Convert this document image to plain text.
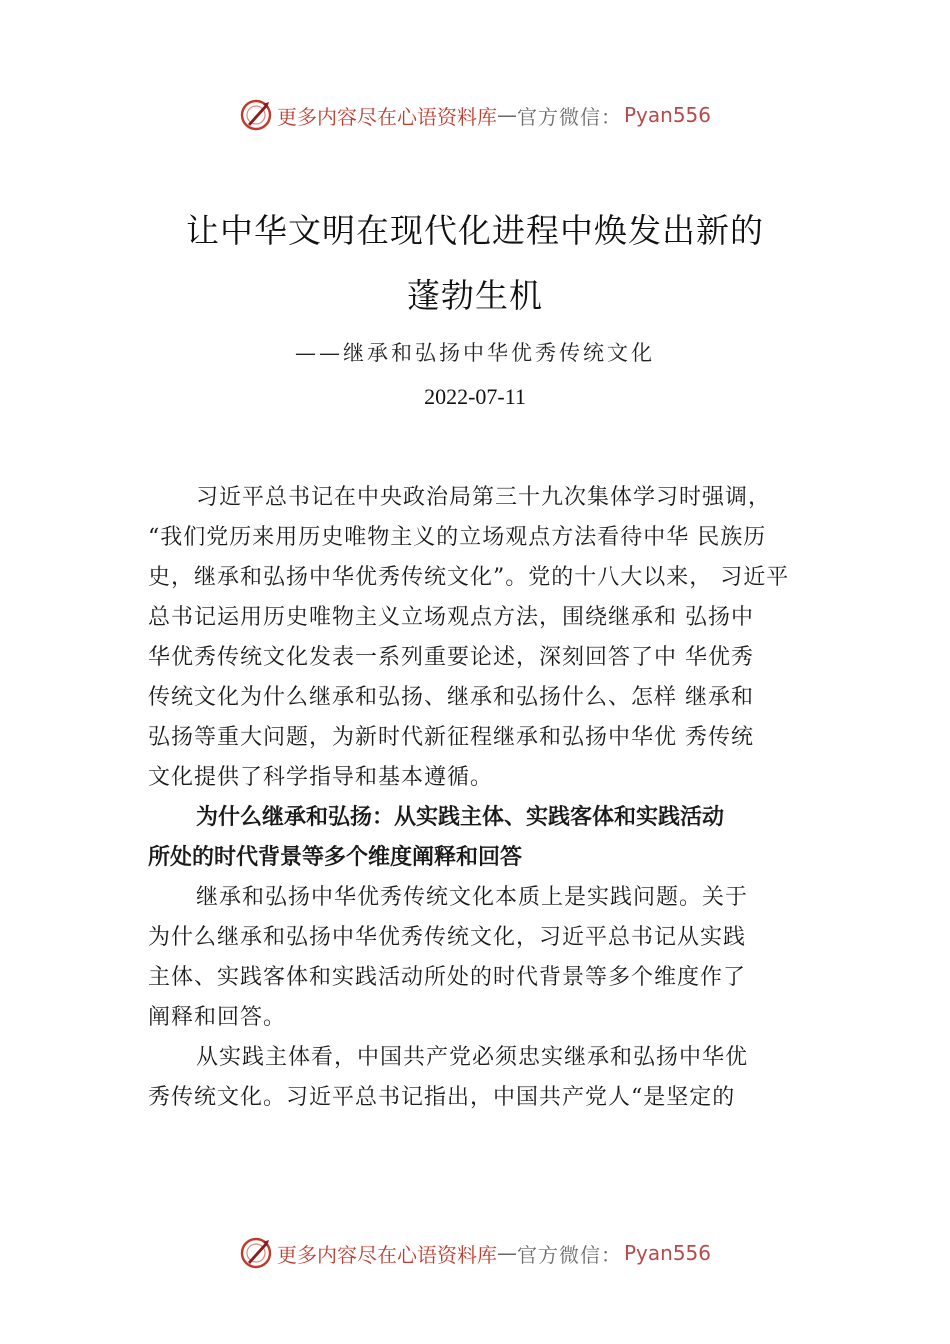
更多内容尽在心语资料库 — 官方微信： Pyan556
让中华文明在现代化进程中焕发出新的
蓬勃生机
——继承和弘扬中华优秀传统文化
2022-07-11
习近平总书记在中央政治局第三十九次集体学习时强调，
“我们党历来用历史唯物主义的立场观点方法看待中华 民族历
史，继承和弘扬中华优秀传统文化”。党的十八大以来， 习近平
总书记运用历史唯物主义立场观点方法，围绕继承和 弘扬中
华优秀传统文化发表一系列重要论述，深刻回答了中 华优秀
传统文化为什么继承和弘扬、继承和弘扬什么、怎样 继承和
弘扬等重大问题，为新时代新征程继承和弘扬中华优 秀传统
文化提供了科学指导和基本遵循。
为什么继承和弘扬：从实践主体、实践客体和实践活动
所处的时代背景等多个维度阐释和回答
继承和弘扬中华优秀传统文化本质上是实践问题。关于
为什么继承和弘扬中华优秀传统文化，习近平总书记从实践
主体、实践客体和实践活动所处的时代背景等多个维度作了
阐释和回答。
从实践主体看，中国共产党必须忠实继承和弘扬中华优
秀传统文化。习近平总书记指出，中国共产党人“是坚定的
更多内容尽在心语资料库 — 官方微信： Pyan556
